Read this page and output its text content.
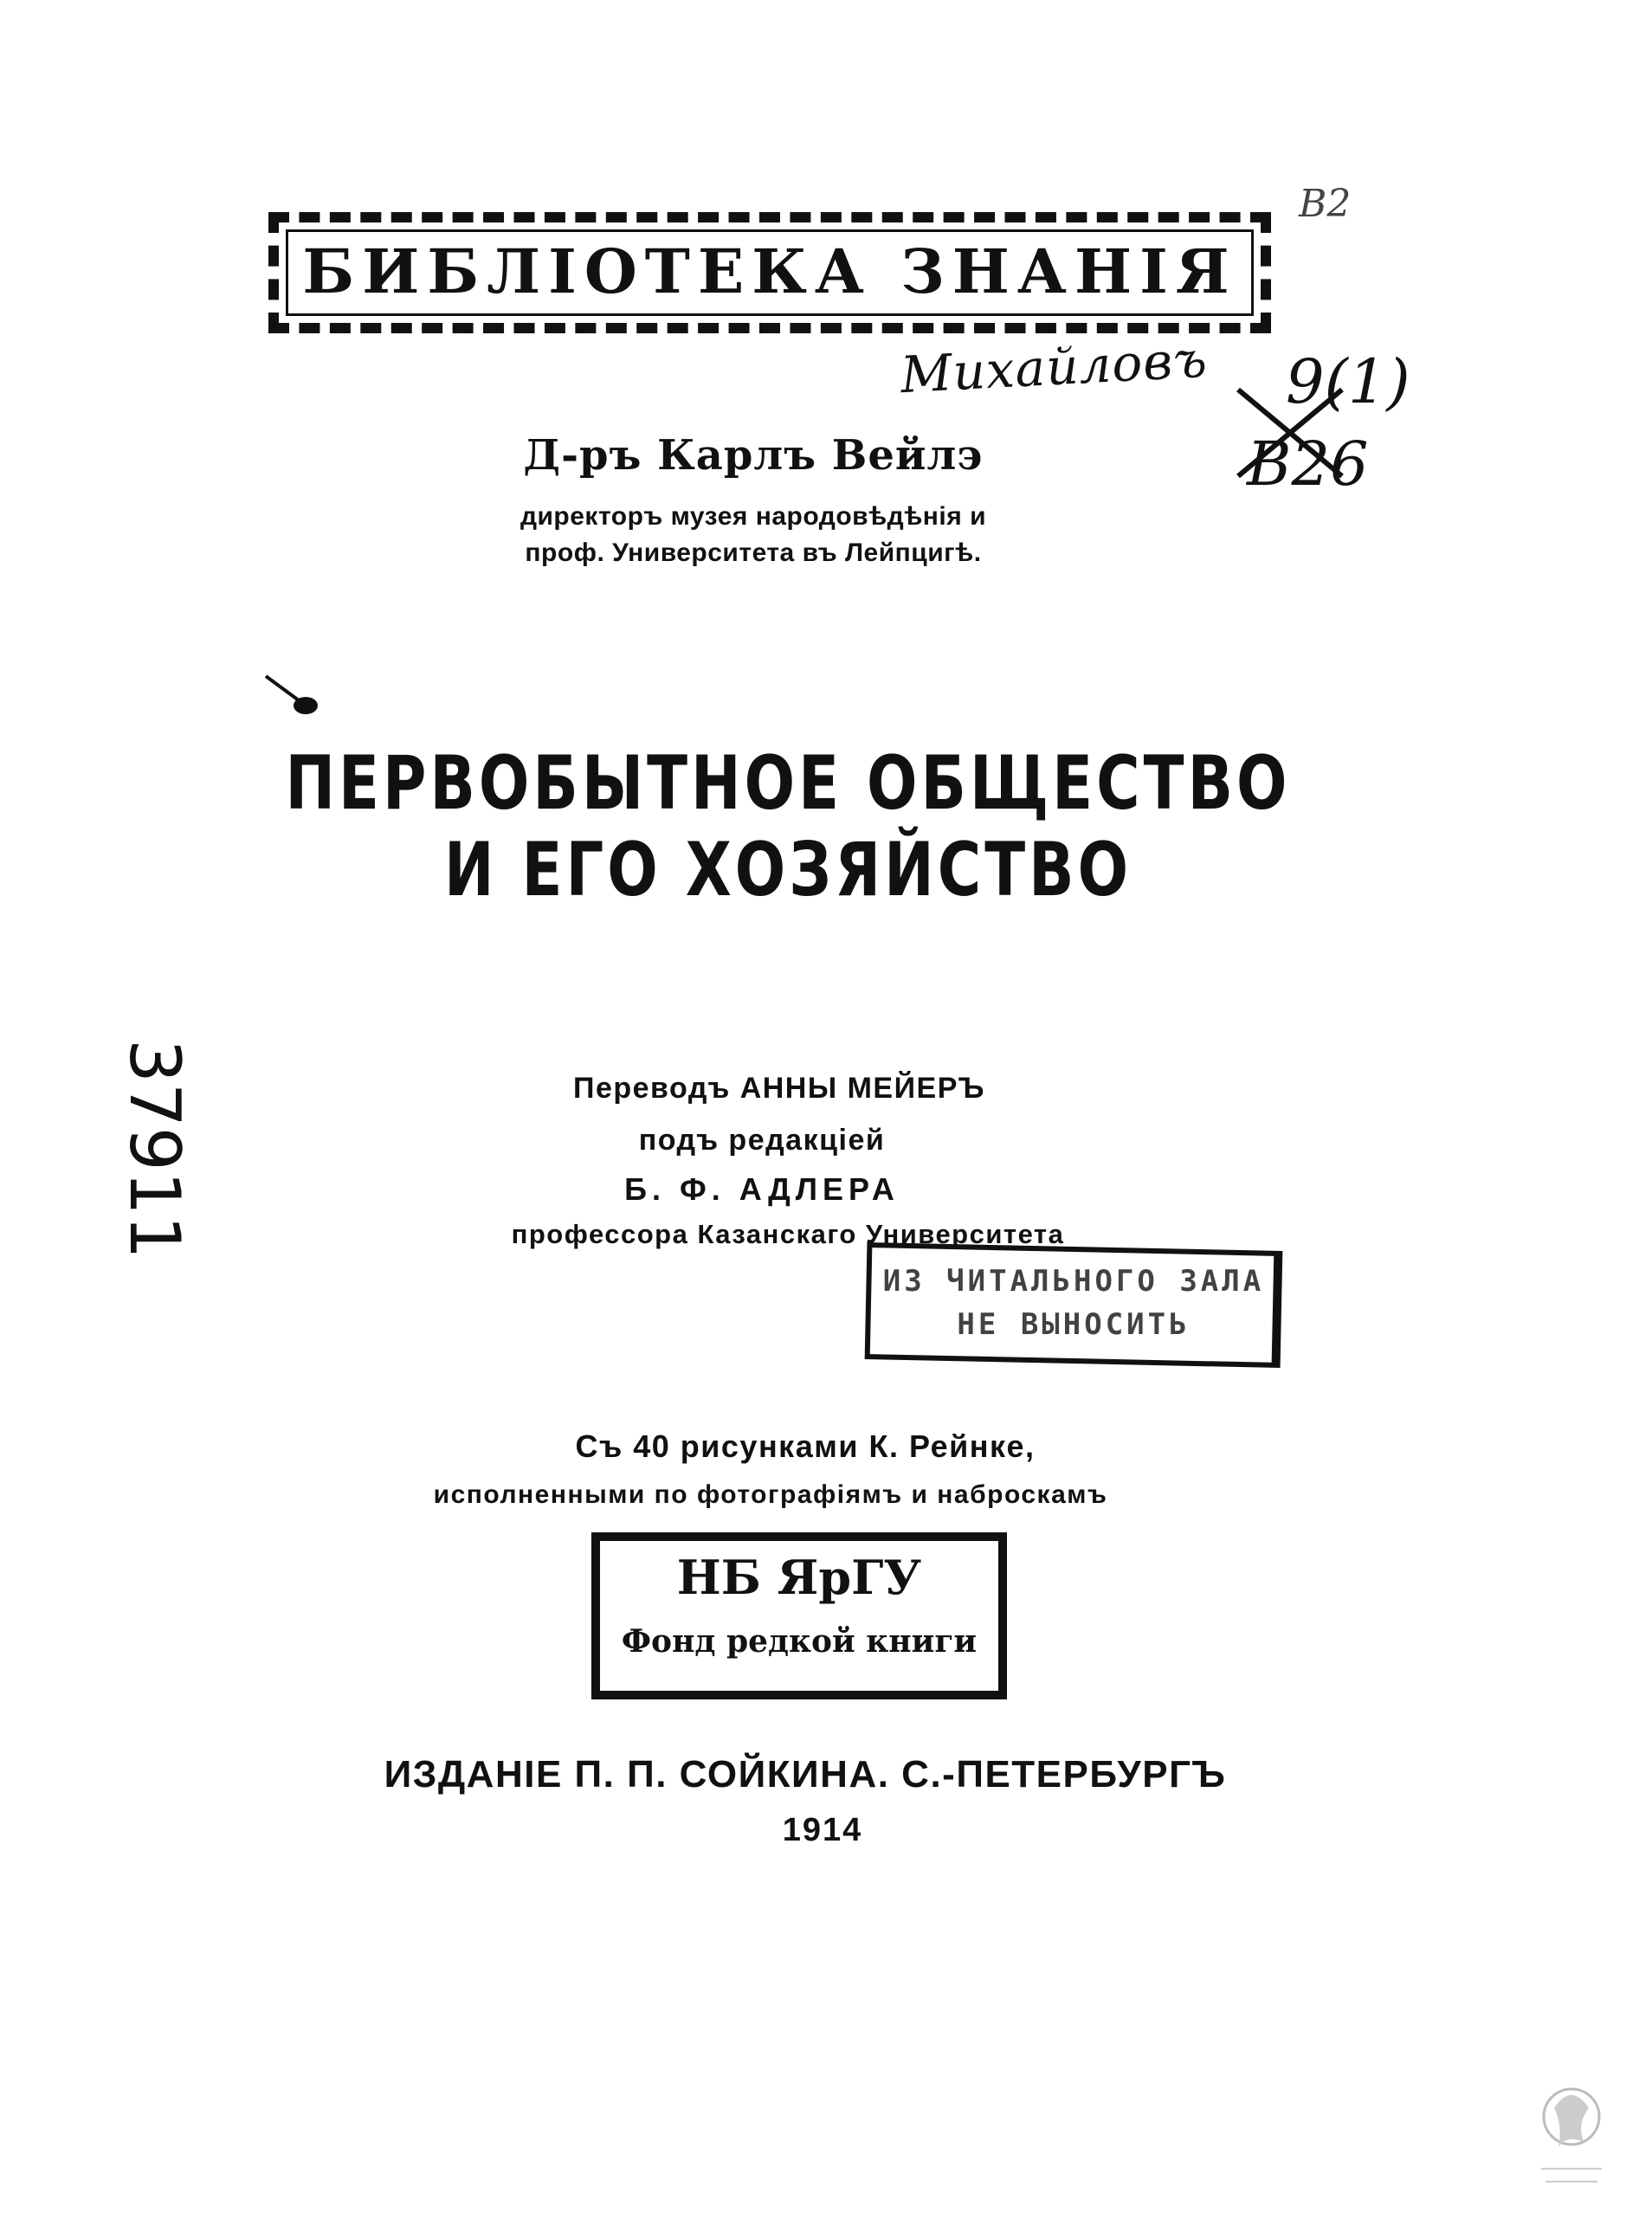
БИБЛIОТЕКА ЗНАНIЯ
В2
Михайловъ 9(1)
В26
Д-ръ Карлъ Вейлэ
директоръ музея народовѣдѣнія и
проф. Университета въ Лейпцигѣ.
ПЕРВОБЫТНОЕ ОБЩЕСТВО
И ЕГО ХОЗЯЙСТВО
37911	Переводъ АННЫ МЕЙЕРЪ
подъ редакціей
Б. Ф. АДЛЕРА
профессора Казанскаго Университета
ИЗ ЧИТАЛЬНОГО ЗАЛА
НЕ ВЫНОСИТЬ
Съ 40 рисунками К. Рейнке,
исполненными по фотографіямъ и наброскамъ
НБ ЯрГУ
Фонд редкой книги
ИЗДАНIЕ П. П. СОЙКИНА. С.-ПЕТЕРБУРГЪ
1914
